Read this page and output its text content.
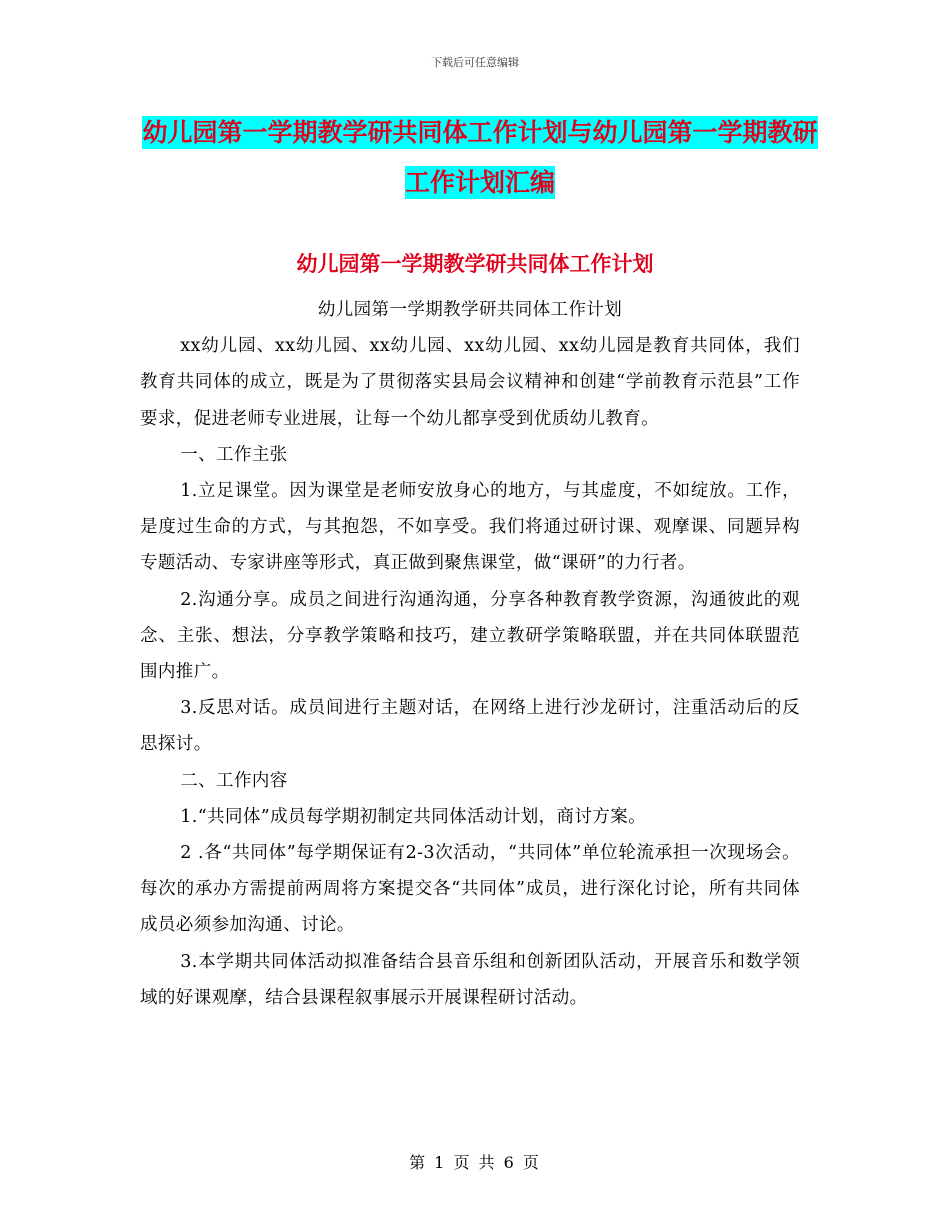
下载后可任意编辑
幼儿园第一学期教学研共同体工作计划与幼儿园第一学期教研工作计划汇编
幼儿园第一学期教学研共同体工作计划

幼儿园第一学期教学研共同体工作计划

xx幼儿园、xx幼儿园、xx幼儿园、xx幼儿园、xx幼儿园是教育共同体，我们教育共同体的成立，既是为了贯彻落实县局会议精神和创建“学前教育示范县”工作要求，促进老师专业进展，让每一个幼儿都享受到优质幼儿教育。

一、工作主张

1.立足课堂。因为课堂是老师安放身心的地方，与其虚度，不如绽放。工作，是度过生命的方式，与其抱怨，不如享受。我们将通过研讨课、观摩课、同题异构专题活动、专家讲座等形式，真正做到聚焦课堂，做“课研”的力行者。

2.沟通分享。成员之间进行沟通沟通，分享各种教育教学资源，沟通彼此的观念、主张、想法，分享教学策略和技巧，建立教研学策略联盟，并在共同体联盟范围内推广。

3.反思对话。成员间进行主题对话，在网络上进行沙龙研讨，注重活动后的反思探讨。

二、工作内容

1.“共同体”成员每学期初制定共同体活动计划，商讨方案。

2 .各“共同体”每学期保证有2-3次活动，“共同体”单位轮流承担一次现场会。每次的承办方需提前两周将方案提交各“共同体”成员，进行深化讨论，所有共同体成员必须参加沟通、讨论。

3.本学期共同体活动拟准备结合县音乐组和创新团队活动，开展音乐和数学领域的好课观摩，结合县课程叙事展示开展课程研讨活动。

第 1 页 共 6 页
